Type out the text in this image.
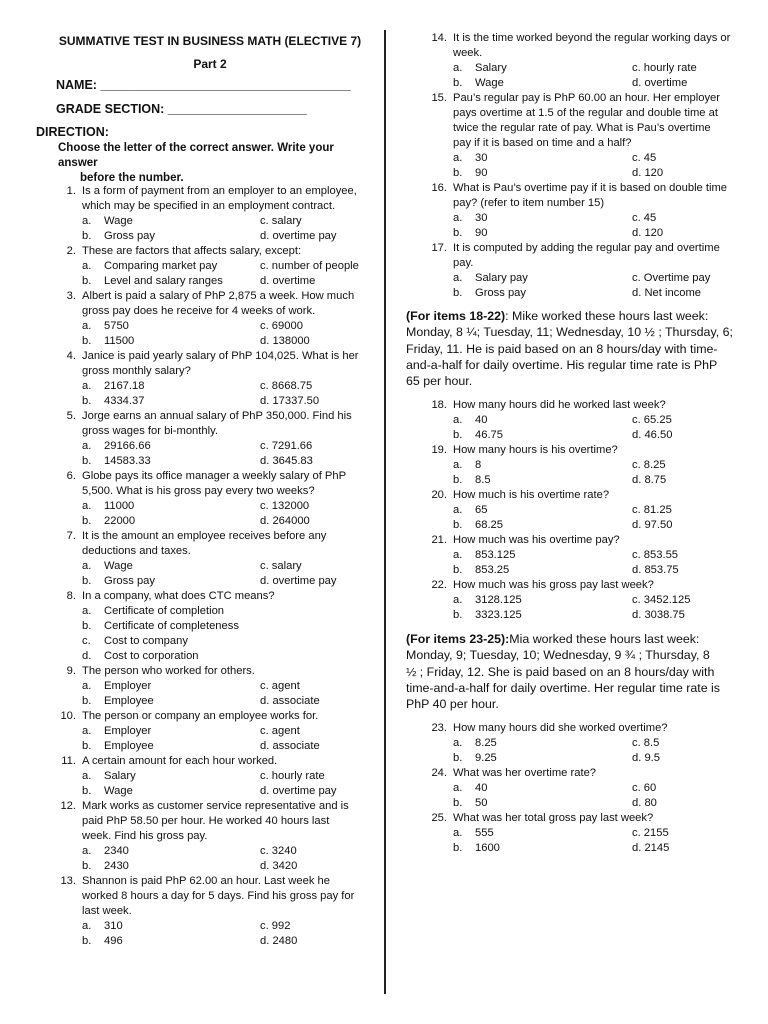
SUMMATIVE TEST IN BUSINESS MATH (ELECTIVE 7)
Part 2
NAME: ____________________________________
GRADE SECTION: ____________________
DIRECTION:
Choose the letter of the correct answer. Write your answer
before the number.
1. Is a form of payment from an employer to an employee,
which may be specified in an employment contract.
a. Wage	c. salary
b. Gross pay	d. overtime pay
2. These are factors that affects salary, except:
a. Comparing market pay	c. number of people
b. Level and salary ranges	d. overtime
3. Albert is paid a salary of PhP 2,875 a week. How much
gross pay does he receive for 4 weeks of work.
a. 5750	c. 69000
b. 11500	d. 138000
4. Janice is paid yearly salary of PhP 104,025. What is her
gross monthly salary?
a. 2167.18	c. 8668.75
b. 4334.37	d. 17337.50
5. Jorge earns an annual salary of PhP 350,000. Find his
gross wages for bi-monthly.
a. 29166.66	c. 7291.66
b. 14583.33	d. 3645.83
6. Globe pays its office manager a weekly salary of PhP
5,500. What is his gross pay every two weeks?
a. 11000	c. 132000
b. 22000	d. 264000
7. It is the amount an employee receives before any
deductions and taxes.
a. Wage	c. salary
b. Gross pay	d. overtime pay
8. In a company, what does CTC means?
a. Certificate of completion
b. Certificate of completeness
c. Cost to company
d. Cost to corporation
9. The person who worked for others.
a. Employer	c. agent
b. Employee	d. associate
10. The person or company an employee works for.
a. Employer	c. agent
b. Employee	d. associate
11. A certain amount for each hour worked.
a. Salary	c. hourly rate
b. Wage	d. overtime pay
12. Mark works as customer service representative and is
paid PhP 58.50 per hour. He worked 40 hours last
week. Find his gross pay.
a. 2340	c. 3240
b. 2430	d. 3420
13. Shannon is paid PhP 62.00 an hour. Last week he
worked 8 hours a day for 5 days. Find his gross pay for
last week.
a. 310	c. 992
b. 496	d. 2480
14. It is the time worked beyond the regular working days or
week.
a. Salary	c. hourly rate
b. Wage	d. overtime
15. Pau’s regular pay is PhP 60.00 an hour. Her employer
pays overtime at 1.5 of the regular and double time at
twice the regular rate of pay. What is Pau’s overtime
pay if it is based on time and a half?
a. 30	c. 45
b. 90	d. 120
16. What is Pau’s overtime pay if it is based on double time
pay? (refer to item number 15)
a. 30	c. 45
b. 90	d. 120
17. It is computed by adding the regular pay and overtime
pay.
a. Salary pay	c. Overtime pay
b. Gross pay	d. Net income
(For items 18-22): Mike worked these hours last week:
Monday, 8 ¼; Tuesday, 11; Wednesday, 10 ½ ; Thursday, 6;
Friday, 11. He is paid based on an 8 hours/day with time-
and-a-half for daily overtime. His regular time rate is PhP
65 per hour.
18. How many hours did he worked last week?
a. 40	c. 65.25
b. 46.75	d. 46.50
19. How many hours is his overtime?
a. 8	c. 8.25
b. 8.5	d. 8.75
20. How much is his overtime rate?
a. 65	c. 81.25
b. 68.25	d. 97.50
21. How much was his overtime pay?
a. 853.125	c. 853.55
b. 853.25	d. 853.75
22. How much was his gross pay last week?
a. 3128.125	c. 3452.125
b. 3323.125	d. 3038.75
(For items 23-25):Mia worked these hours last week:
Monday, 9; Tuesday, 10; Wednesday, 9 ¾ ; Thursday, 8
½ ; Friday, 12. She is paid based on an 8 hours/day with
time-and-a-half for daily overtime. Her regular time rate is
PhP 40 per hour.
23. How many hours did she worked overtime?
a. 8.25	c. 8.5
b. 9.25	d. 9.5
24. What was her overtime rate?
a. 40	c. 60
b. 50	d. 80
25. What was her total gross pay last week?
a. 555	c. 2155
b. 1600	d. 2145
